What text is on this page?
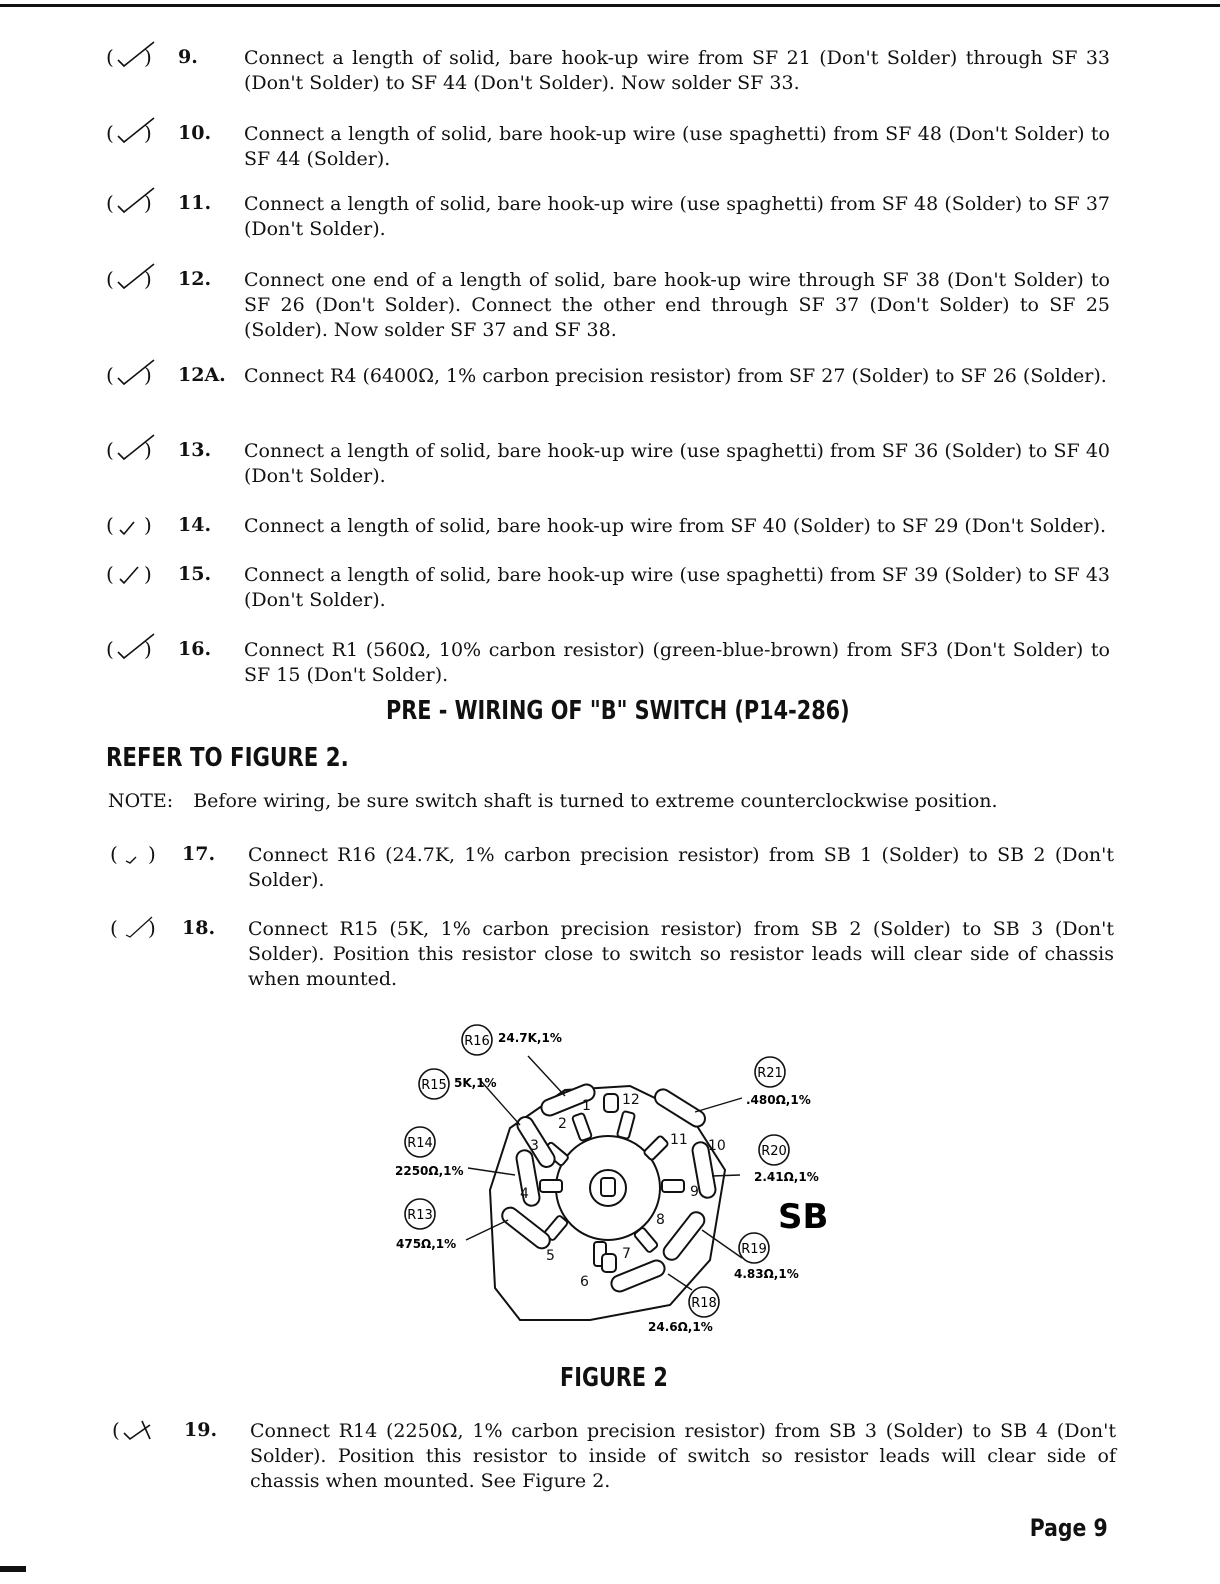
( ) 9. Connect a length of solid, bare hook-up wire from SF 21 (Don't Solder) through SF 33 (Don't Solder) to SF 44 (Don't Solder). Now solder SF 33.
( ) 10. Connect a length of solid, bare hook-up wire (use spaghetti) from SF 48 (Don't Solder) to SF 44 (Solder).
( ) 11. Connect a length of solid, bare hook-up wire (use spaghetti) from SF 48 (Solder) to SF 37 (Don't Solder).
( ) 12. Connect one end of a length of solid, bare hook-up wire through SF 38 (Don't Solder) to SF 26 (Don't Solder). Connect the other end through SF 37 (Don't Solder) to SF 25 (Solder). Now solder SF 37 and SF 38.
( ) 12A. Connect R4 (6400Ω, 1% carbon precision resistor) from SF 27 (Solder) to SF 26 (Solder).
( ) 13. Connect a length of solid, bare hook-up wire (use spaghetti) from SF 36 (Solder) to SF 40 (Don't Solder).
( ) 14. Connect a length of solid, bare hook-up wire from SF 40 (Solder) to SF 29 (Don't Solder).
( ) 15. Connect a length of solid, bare hook-up wire (use spaghetti) from SF 39 (Solder) to SF 43 (Don't Solder).
( ) 16. Connect R1 (560Ω, 10% carbon resistor) (green-blue-brown) from SF3 (Don't Solder) to SF 15 (Don't Solder).
PRE - WIRING OF "B" SWITCH (P14-286)
REFER TO FIGURE 2.
NOTE: Before wiring, be sure switch shaft is turned to extreme counterclockwise position.
( ) 17. Connect R16 (24.7K, 1% carbon precision resistor) from SB 1 (Solder) to SB 2 (Don't Solder).
( ) 18. Connect R15 (5K, 1% carbon precision resistor) from SB 2 (Solder) to SB 3 (Don't Solder). Position this resistor close to switch so resistor leads will clear side of chassis when mounted.
R16 24.7K,1%
R15 5K,1%
R14
2250Ω,1%
R13
475Ω,1%
R21
.480Ω,1%
R20
2.41Ω,1%
R19
4.83Ω,1%
R18
24.6Ω,1%
1
2
3
4
5
6
7
8
9
10
11
12
SB
FIGURE 2
(	19. Connect R14 (2250Ω, 1% carbon precision resistor) from SB 3 (Solder) to SB 4 (Don't Solder). Position this resistor to inside of switch so resistor leads will clear side of chassis when mounted. See Figure 2.
Page 9
